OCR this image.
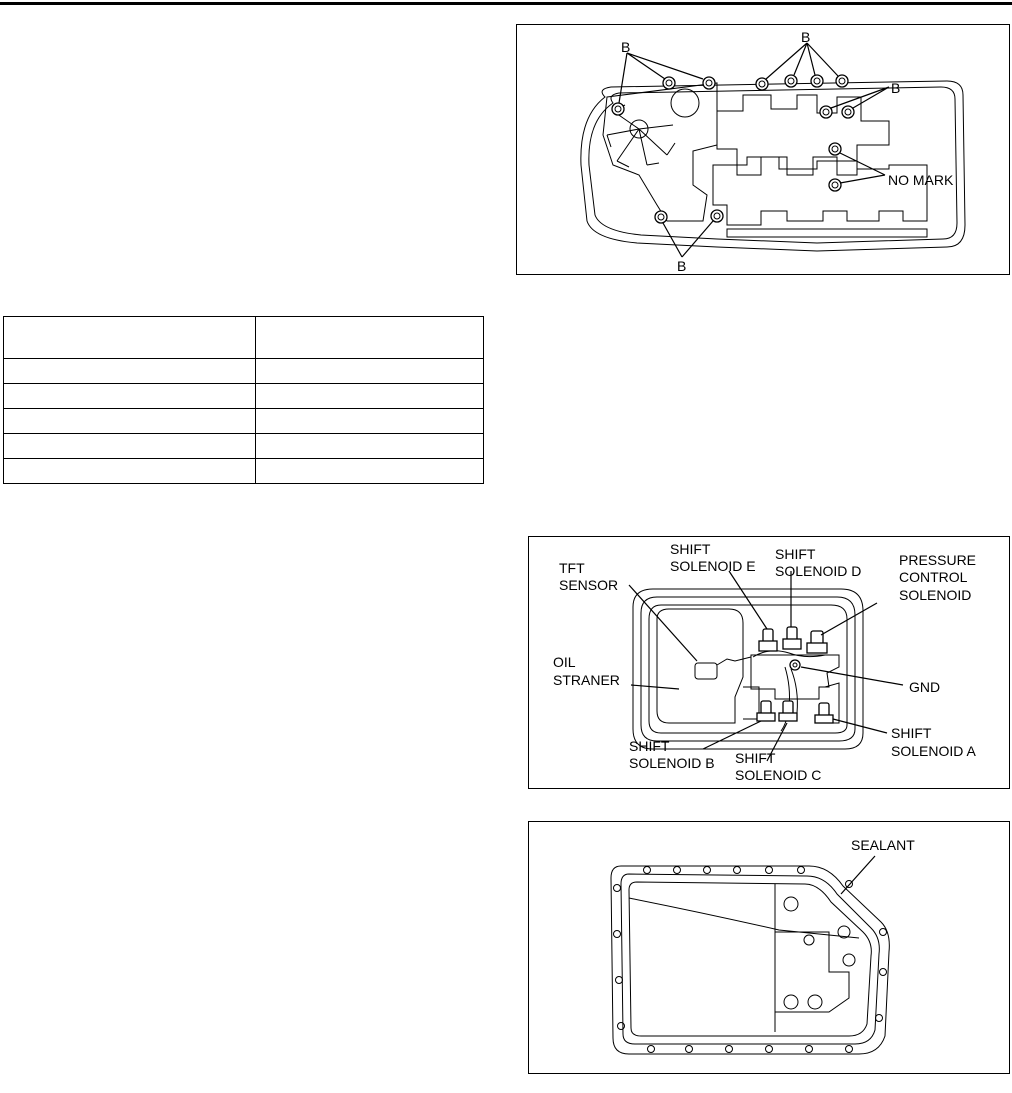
B
B
B
NO MARK
B
TFT
SENSOR
OIL
STRANER
SHIFT
SOLENOID E
SHIFT
SOLENOID D
PRESSURE
CONTROL
SOLENOID
GND
SHIFT
SOLENOID A
SHIFT
SOLENOID B SHIFT
SOLENOID C
SEALANT
